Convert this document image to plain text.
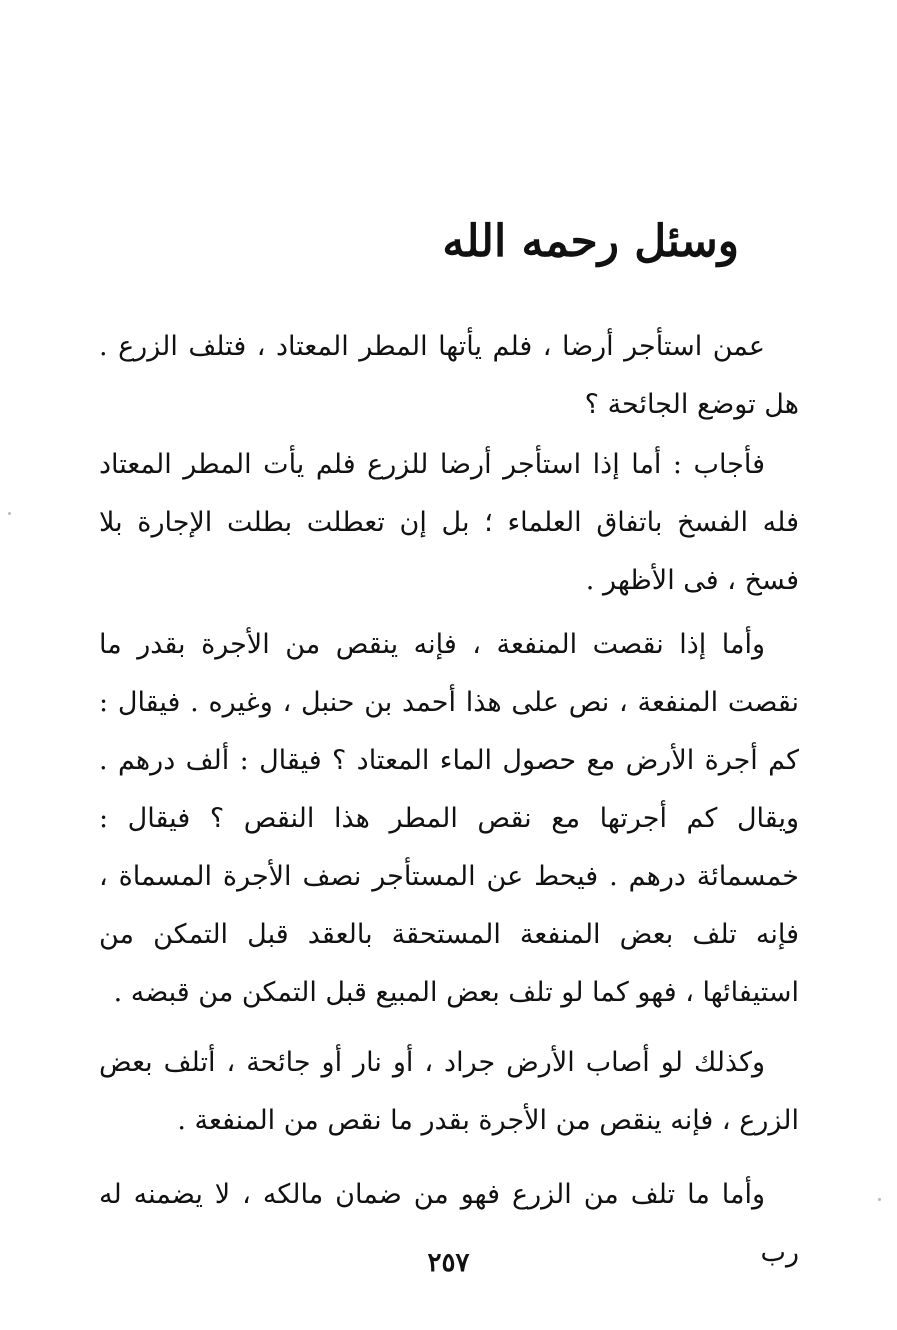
وسئل رحمه الله

عمن استأجر أرضا ، فلم يأتها المطر المعتاد ، فتلف الزرع . هل توضع الجائحة ؟

فأجاب : أما إذا استأجر أرضا للزرع فلم يأت المطر المعتاد فله الفسخ باتفاق العلماء ؛ بل إن تعطلت بطلت الإجارة بلا فسخ ، فى الأظهر .

وأما إذا نقصت المنفعة ، فإنه ينقص من الأجرة بقدر ما نقصت المنفعة ، نص على هذا أحمد بن حنبل ، وغيره . فيقال : كم أجرة الأرض مع حصول الماء المعتاد ؟ فيقال : ألف درهم . ويقال كم أجرتها مع نقص المطر هذا النقص ؟ فيقال : خمسمائة درهم . فيحط عن المستأجر نصف الأجرة المسماة ، فإنه تلف بعض المنفعة المستحقة بالعقد قبل التمكن من استيفائها ، فهو كما لو تلف بعض المبيع قبل التمكن من قبضه .

وكذلك لو أصاب الأرض جراد ، أو نار أو جائحة ، أتلف بعض الزرع ، فإنه ينقص من الأجرة بقدر ما نقص من المنفعة .

وأما ما تلف من الزرع فهو من ضمان مالكه ، لا يضمنه له رب

٢٥٧
